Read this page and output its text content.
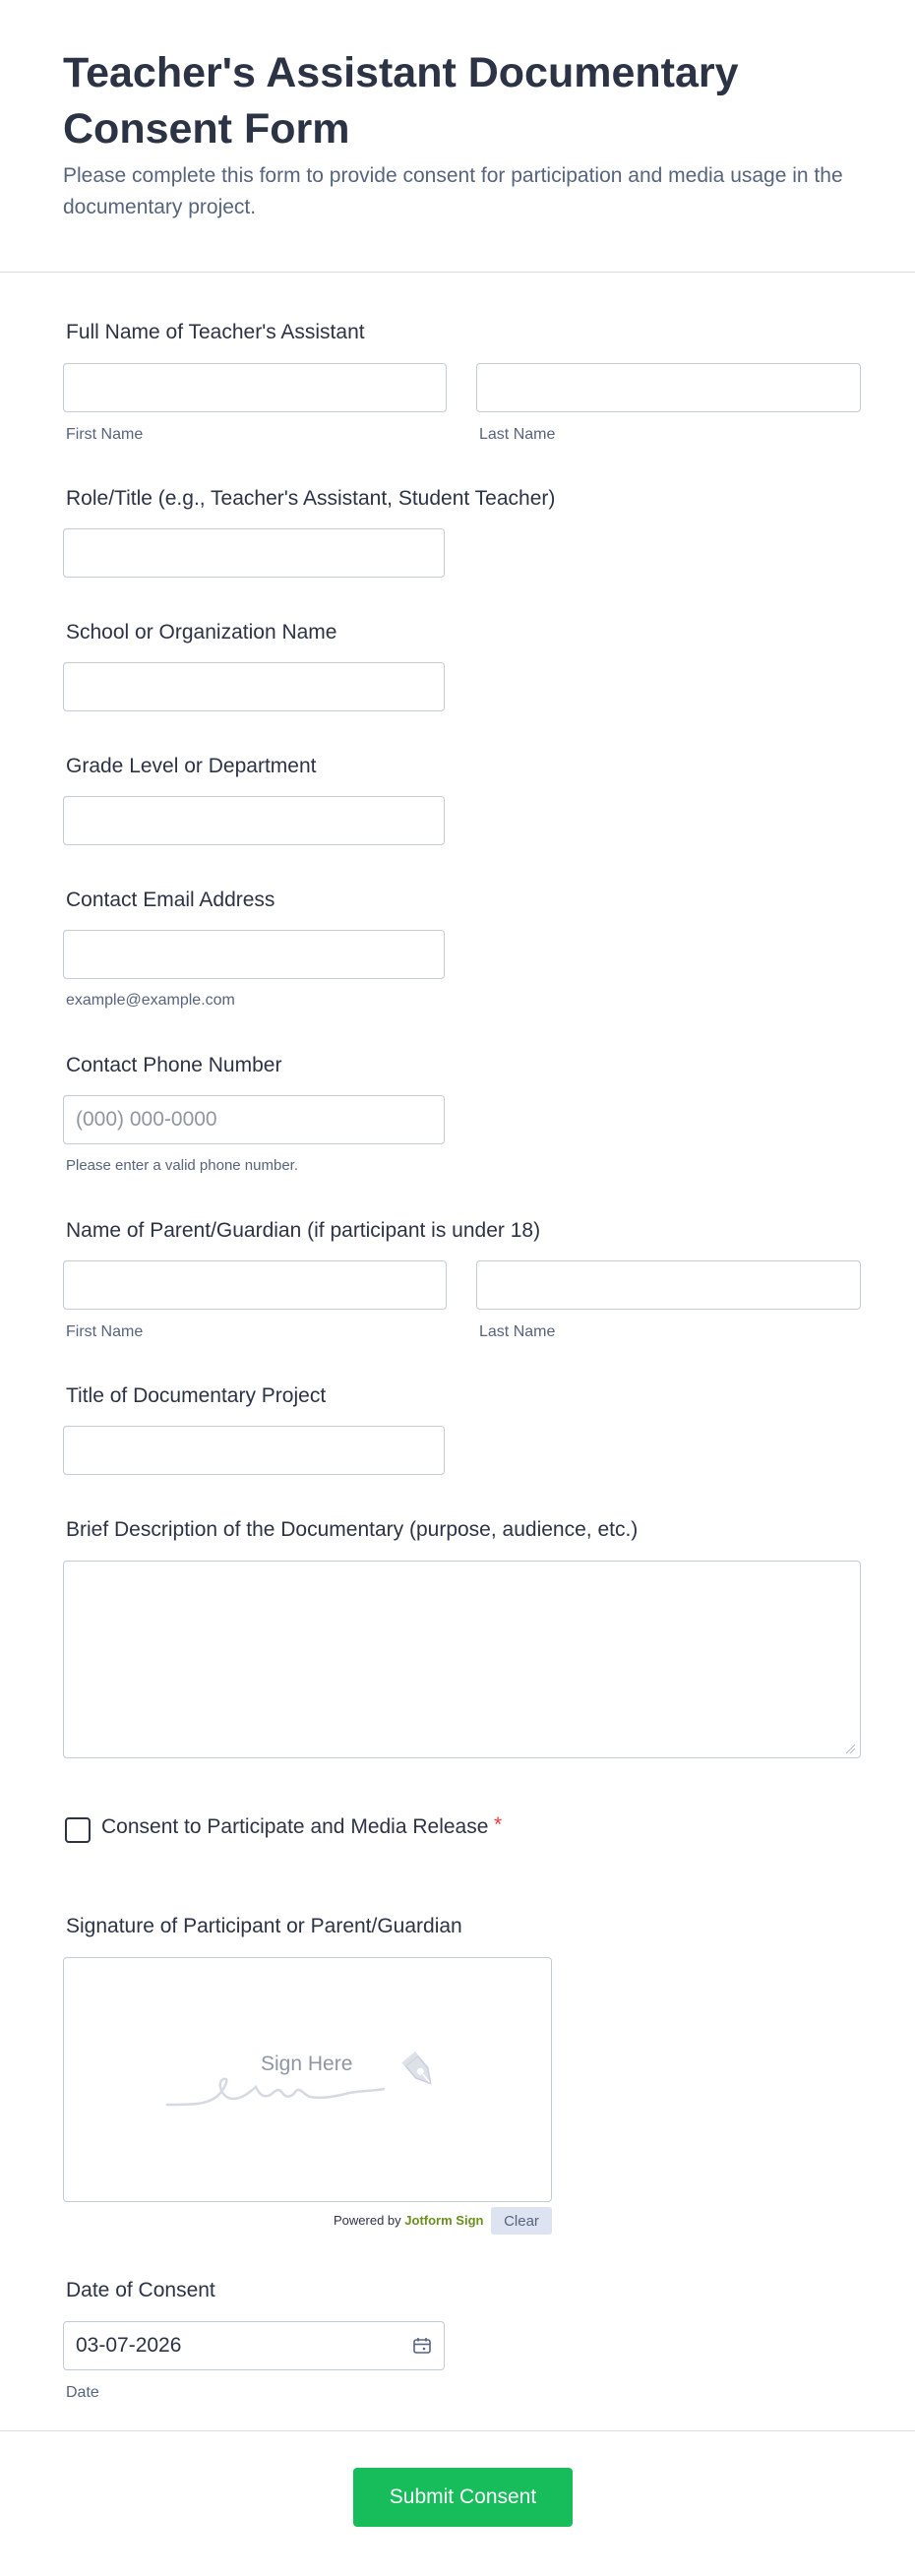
Teacher's Assistant Documentary Consent Form

Please complete this form to provide consent for participation and media usage in the documentary project.

Full Name of Teacher's Assistant
First Name	Last Name
Role/Title (e.g., Teacher's Assistant, Student Teacher)
School or Organization Name
Grade Level or Department
Contact Email Address
example@example.com
Contact Phone Number
(000) 000-0000
Please enter a valid phone number.
Name of Parent/Guardian (if participant is under 18)
First Name	Last Name
Title of Documentary Project
Brief Description of the Documentary (purpose, audience, etc.)
Consent to Participate and Media Release *
Signature of Participant or Parent/Guardian
Sign Here
Powered by Jotform Sign	Clear
Date of Consent
03-07-2026
Date
Submit Consent
